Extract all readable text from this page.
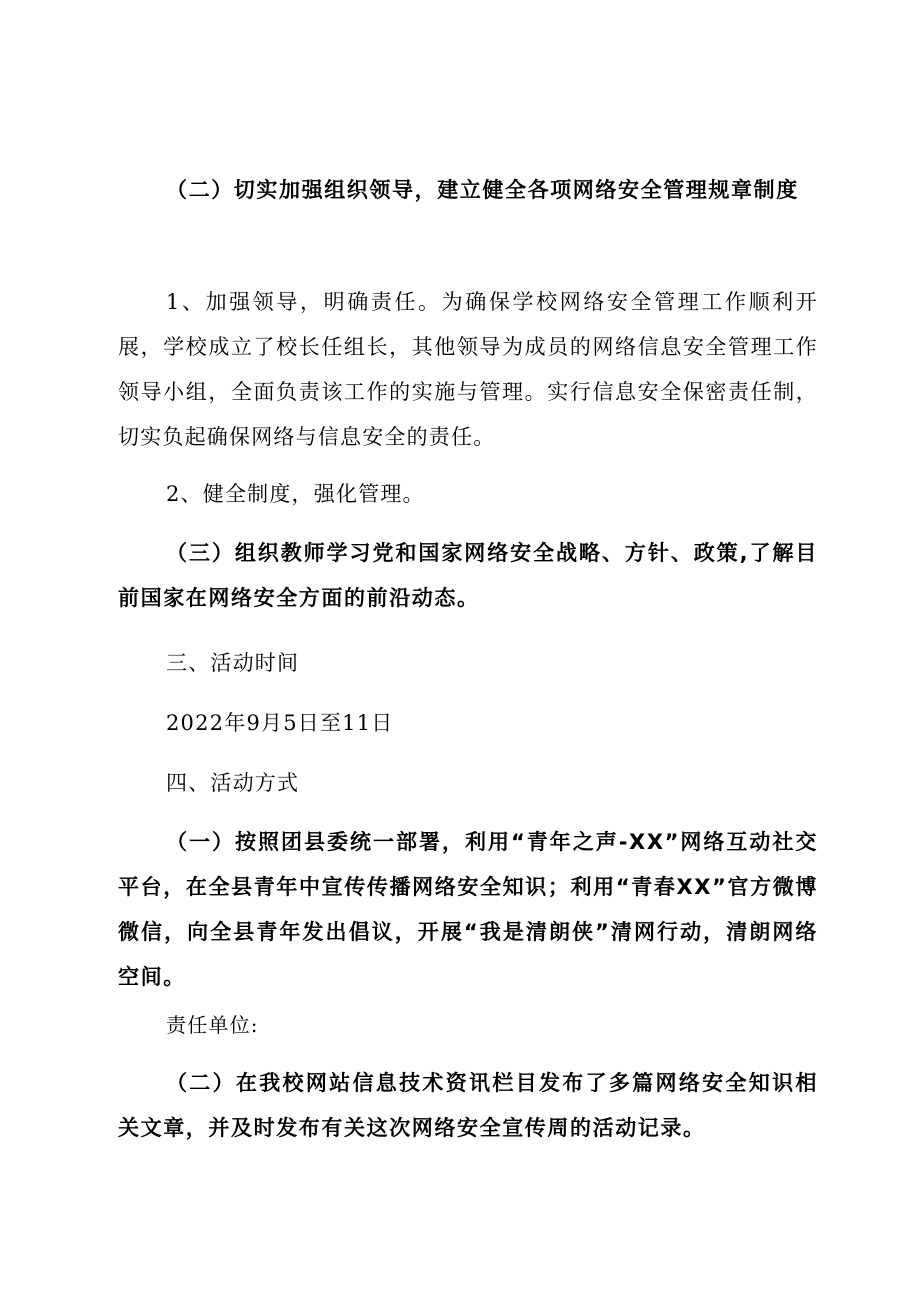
（二）切实加强组织领导，建立健全各项网络安全管理规章制度

1、加强领导，明确责任。为确保学校网络安全管理工作顺利开展，学校成立了校长任组长，其他领导为成员的网络信息安全管理工作领导小组，全面负责该工作的实施与管理。实行信息安全保密责任制，切实负起确保网络与信息安全的责任。

2、健全制度，强化管理。

（三）组织教师学习党和国家网络安全战略、方针、政策,了解目前国家在网络安全方面的前沿动态。

三、活动时间

2022年9月5日至11日

四、活动方式

（一）按照团县委统一部署，利用“青年之声-XX”网络互动社交平台，在全县青年中宣传传播网络安全知识；利用“青春XX”官方微博微信，向全县青年发出倡议，开展“我是清朗侠”清网行动，清朗网络空间。

责任单位:

（二）在我校网站信息技术资讯栏目发布了多篇网络安全知识相关文章，并及时发布有关这次网络安全宣传周的活动记录。
